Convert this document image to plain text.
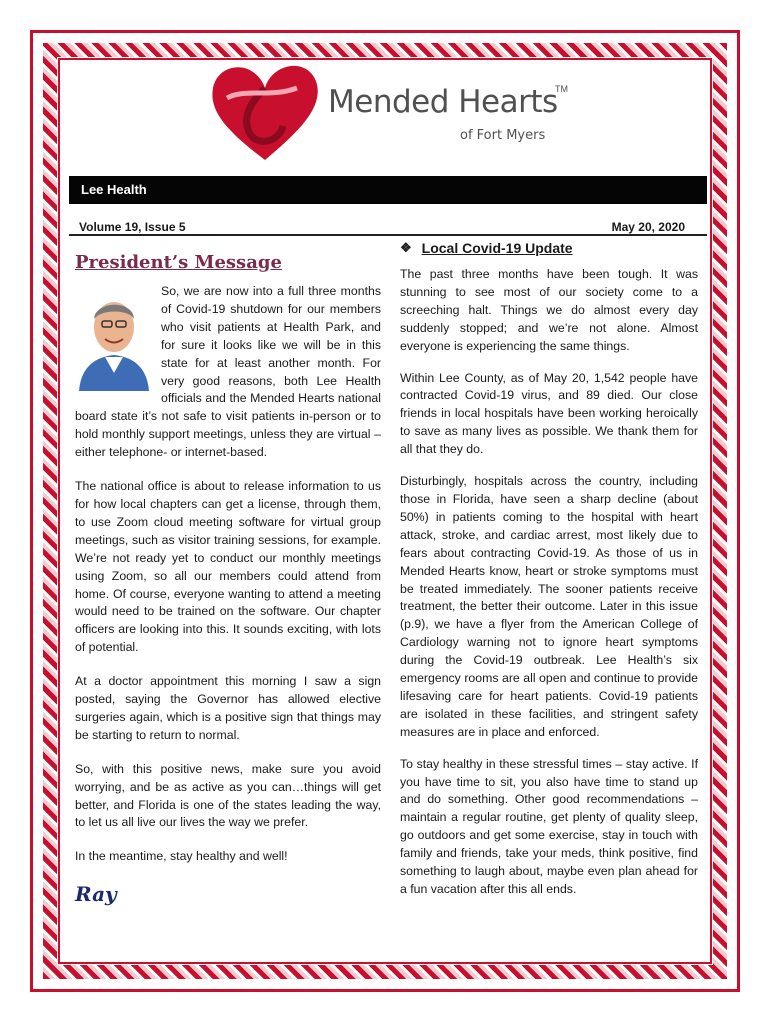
Mended Hearts
TM
of Fort Myers
Lee Health
Volume 19, Issue 5	May 20, 2020
President’s Message

So, we are now into a full three months of Covid-19 shutdown for our members who visit patients at Health Park, and for sure it looks like we will be in this state for at least another month. For very good reasons, both Lee Health officials and the Mended Hearts national board state it’s not safe to visit patients in-person or to hold monthly support meetings, unless they are virtual – either telephone- or internet-based.

The national office is about to release information to us for how local chapters can get a license, through them, to use Zoom cloud meeting software for virtual group meetings, such as visitor training sessions, for example. We’re not ready yet to conduct our monthly meetings using Zoom, so all our members could attend from home. Of course, everyone wanting to attend a meeting would need to be trained on the software. Our chapter officers are looking into this. It sounds exciting, with lots of potential.

At a doctor appointment this morning I saw a sign posted, saying the Governor has allowed elective surgeries again, which is a positive sign that things may be starting to return to normal.

So, with this positive news, make sure you avoid worrying, and be as active as you can…things will get better, and Florida is one of the states leading the way, to let us all live our lives the way we prefer.

In the meantime, stay healthy and well!

Ray
❖ Local Covid-19 Update

The past three months have been tough. It was stunning to see most of our society come to a screeching halt. Things we do almost every day suddenly stopped; and we’re not alone. Almost everyone is experiencing the same things.

Within Lee County, as of May 20, 1,542 people have contracted Covid-19 virus, and 89 died. Our close friends in local hospitals have been working heroically to save as many lives as possible. We thank them for all that they do.

Disturbingly, hospitals across the country, including those in Florida, have seen a sharp decline (about 50%) in patients coming to the hospital with heart attack, stroke, and cardiac arrest, most likely due to fears about contracting Covid-19. As those of us in Mended Hearts know, heart or stroke symptoms must be treated immediately. The sooner patients receive treatment, the better their outcome. Later in this issue (p.9), we have a flyer from the American College of Cardiology warning not to ignore heart symptoms during the Covid-19 outbreak. Lee Health’s six emergency rooms are all open and continue to provide lifesaving care for heart patients. Covid-19 patients are isolated in these facilities, and stringent safety measures are in place and enforced.

To stay healthy in these stressful times – stay active. If you have time to sit, you also have time to stand up and do something. Other good recommendations – maintain a regular routine, get plenty of quality sleep, go outdoors and get some exercise, stay in touch with family and friends, take your meds, think positive, find something to laugh about, maybe even plan ahead for a fun vacation after this all ends.
